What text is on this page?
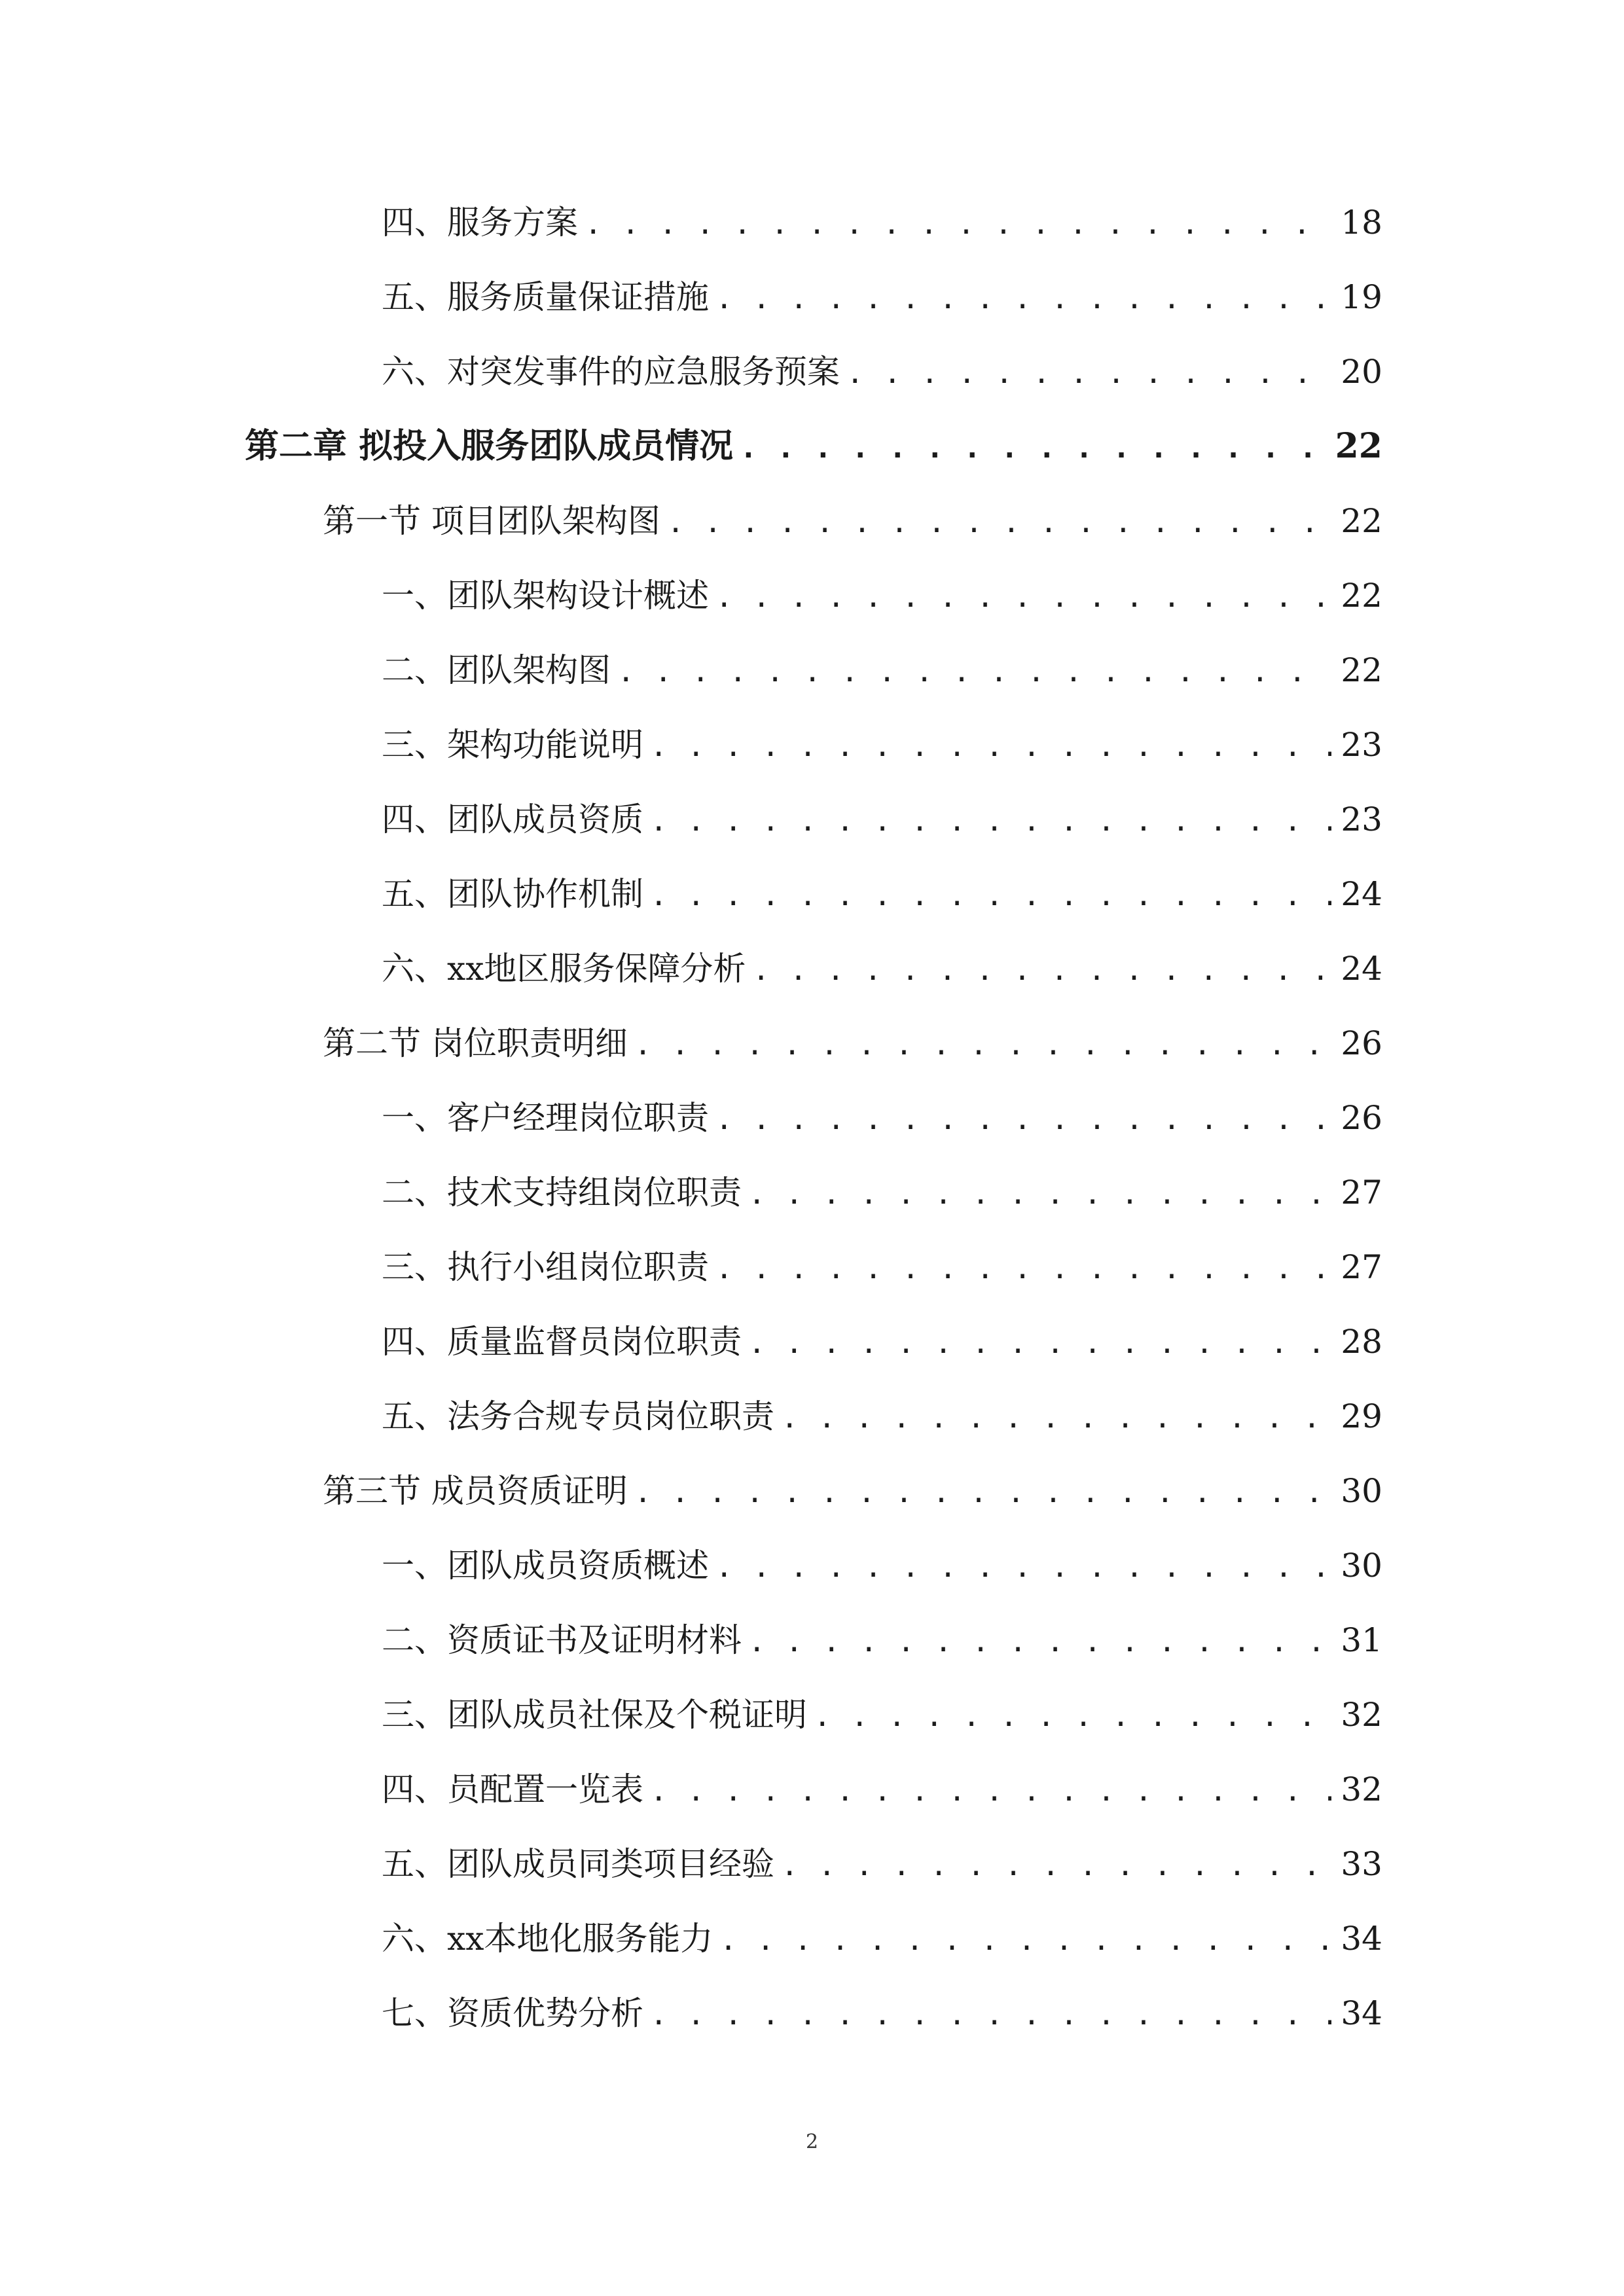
四、服务方案 . . .	18
五、服务质量保证措施 . . .	19
六、对突发事件的应急服务预案 . . .	20
第二章 拟投入服务团队成员情况 . . .	22
第一节 项目团队架构图 . . .	22
一、团队架构设计概述 . . .	22
二、团队架构图 . . .	22
三、架构功能说明 . . .	23
四、团队成员资质 . . .	23
五、团队协作机制 . . .	24
六、xx地区服务保障分析 . . .	24
第二节 岗位职责明细 . . .	26
一、客户经理岗位职责 . . .	26
二、技术支持组岗位职责 . . .	27
三、执行小组岗位职责 . . .	27
四、质量监督员岗位职责 . . .	28
五、法务合规专员岗位职责 . . .	29
第三节 成员资质证明 . . .	30
一、团队成员资质概述 . . .	30
二、资质证书及证明材料 . . .	31
三、团队成员社保及个税证明 . . .	32
四、员配置一览表 . . .	32
五、团队成员同类项目经验 . . .	33
六、xx本地化服务能力 . . .	34
七、资质优势分析 . . .	34
2
